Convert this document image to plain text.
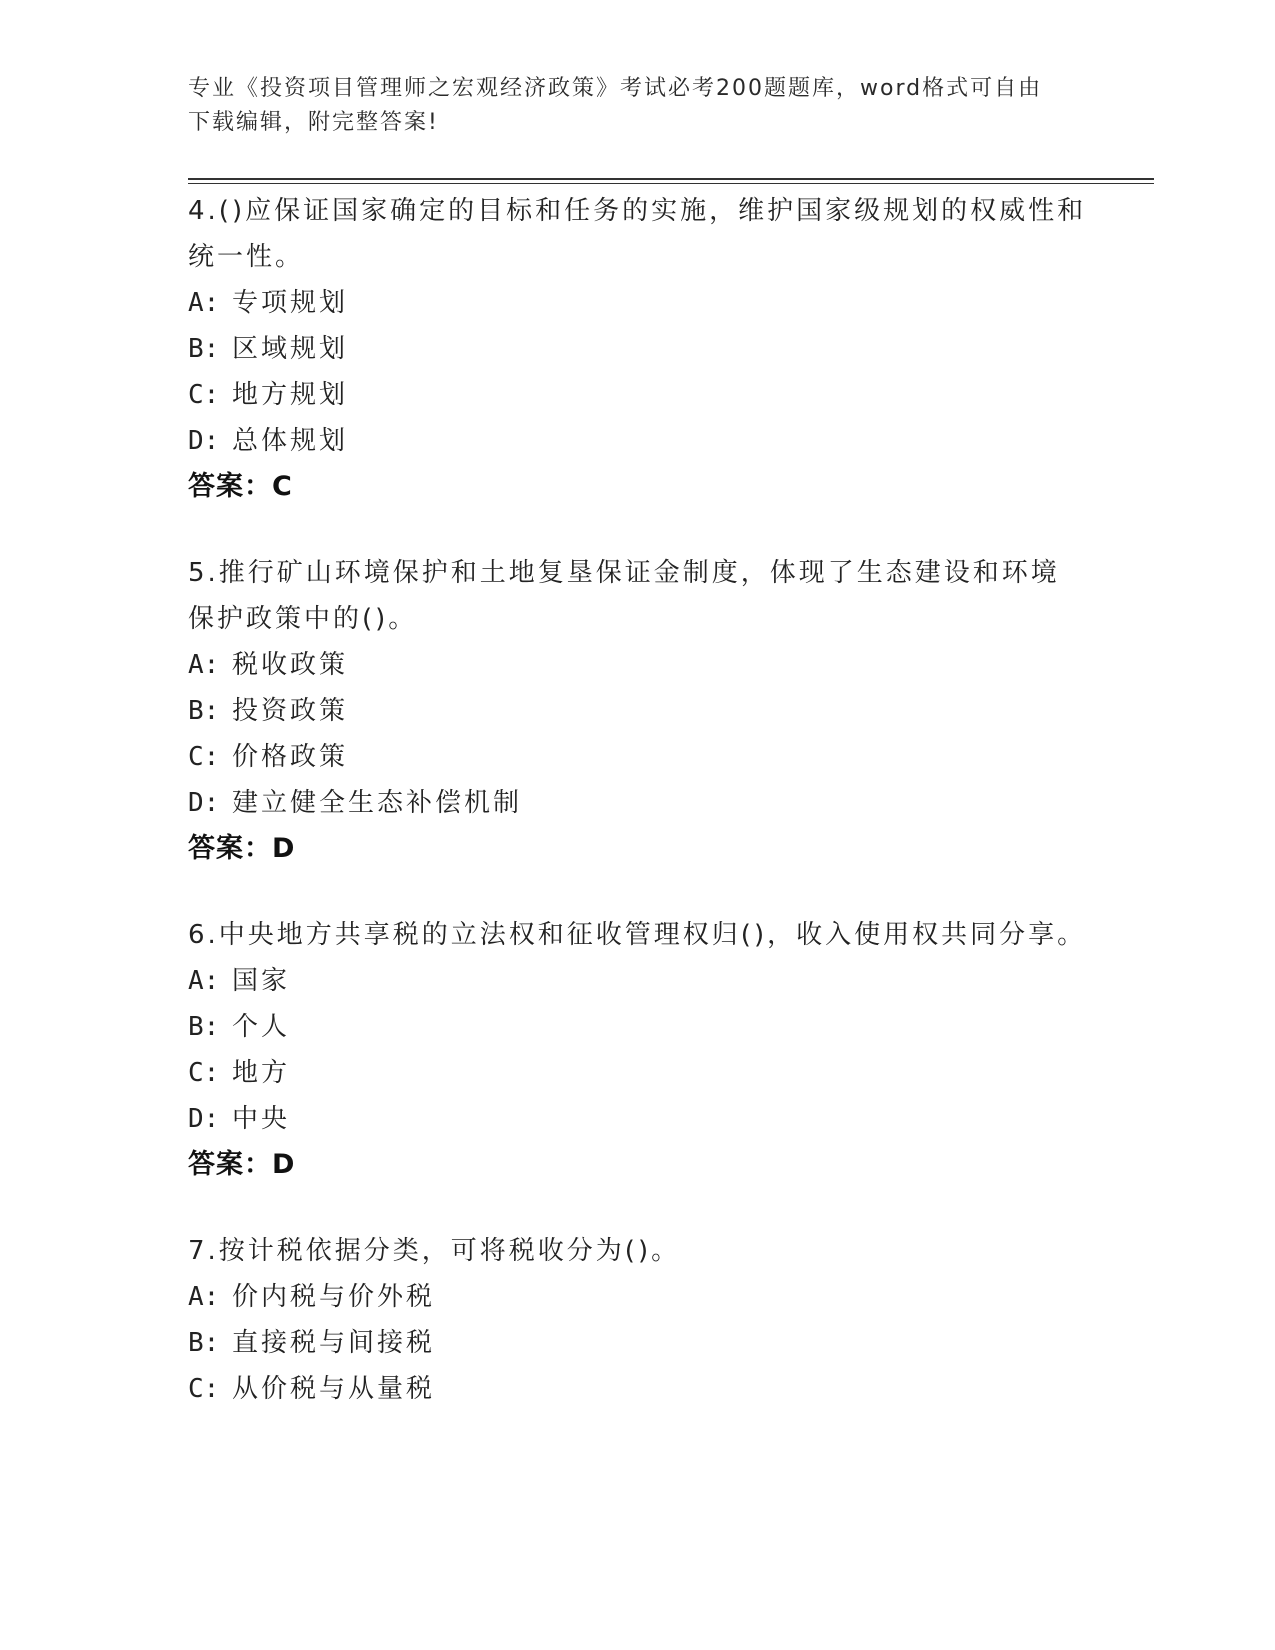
专业《投资项目管理师之宏观经济政策》考试必考200题题库，word格式可自由
下载编辑，附完整答案!

4.()应保证国家确定的目标和任务的实施，维护国家级规划的权威性和统一性。

A: 专项规划
B: 区域规划
C: 地方规划
D: 总体规划
答案：C

5.推行矿山环境保护和土地复垦保证金制度，体现了生态建设和环境保护政策中的()。

A: 税收政策
B: 投资政策
C: 价格政策
D: 建立健全生态补偿机制
答案：D

6.中央地方共享税的立法权和征收管理权归()，收入使用权共同分享。

A: 国家
B: 个人
C: 地方
D: 中央
答案：D

7.按计税依据分类，可将税收分为()。

A: 价内税与价外税
B: 直接税与间接税
C: 从价税与从量税
